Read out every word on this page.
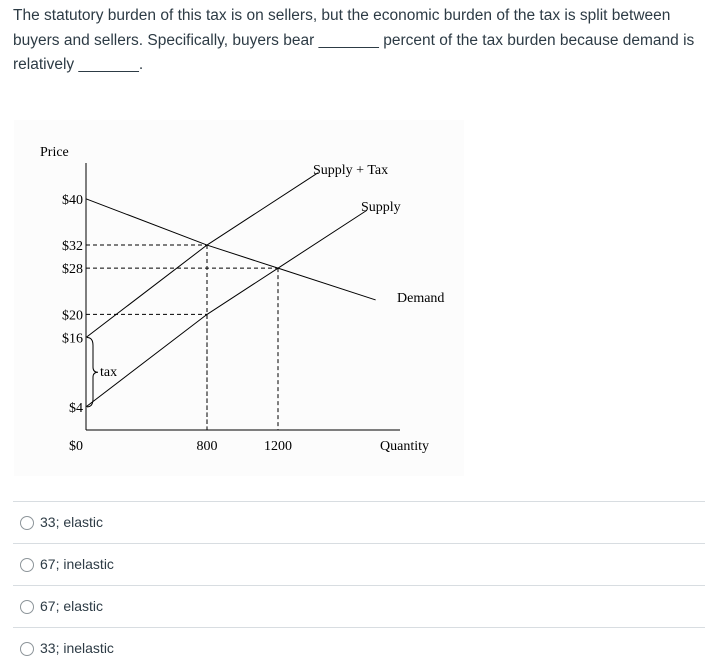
The statutory burden of this tax is on sellers, but the economic burden of the tax is split between
buyers and sellers. Specifically, buyers bear _______ percent of the tax burden because demand is
relatively _______.
Price
Quantity
$40
$32
$28
$20
$16
$4
$0	800	1200
Demand
Supply + Tax
Supply
tax
33; elastic
67; inelastic
67; elastic
33; inelastic
